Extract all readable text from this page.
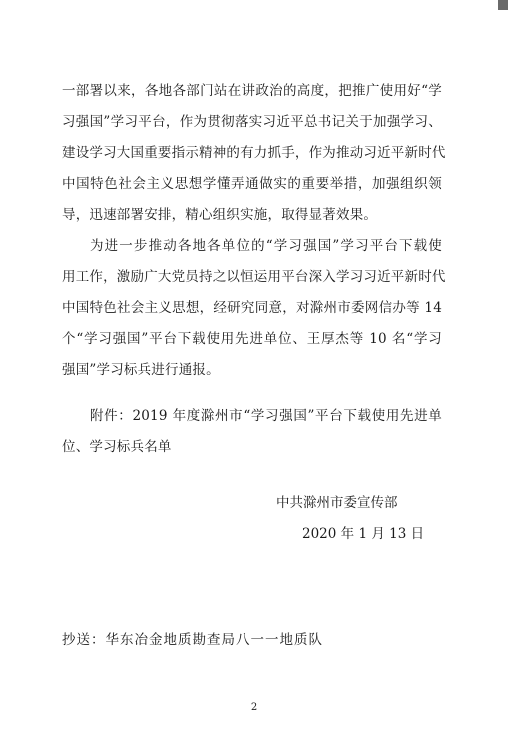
一部署以来，各地各部门站在讲政治的高度，把推广使用好“学
习强国”学习平台，作为贯彻落实习近平总书记关于加强学习、
建设学习大国重要指示精神的有力抓手，作为推动习近平新时代
中国特色社会主义思想学懂弄通做实的重要举措，加强组织领
导，迅速部署安排，精心组织实施，取得显著效果。
为进一步推动各地各单位的“学习强国”学习平台下载使
用工作，激励广大党员持之以恒运用平台深入学习习近平新时代
中国特色社会主义思想，经研究同意，对滁州市委网信办等 14
个“学习强国”平台下载使用先进单位、王厚杰等 10 名“学习
强国”学习标兵进行通报。
附件：2019 年度滁州市“学习强国”平台下载使用先进单
位、学习标兵名单
中共滁州市委宣传部
2020 年 1 月 13 日
抄送：华东冶金地质勘查局八一一地质队
2
